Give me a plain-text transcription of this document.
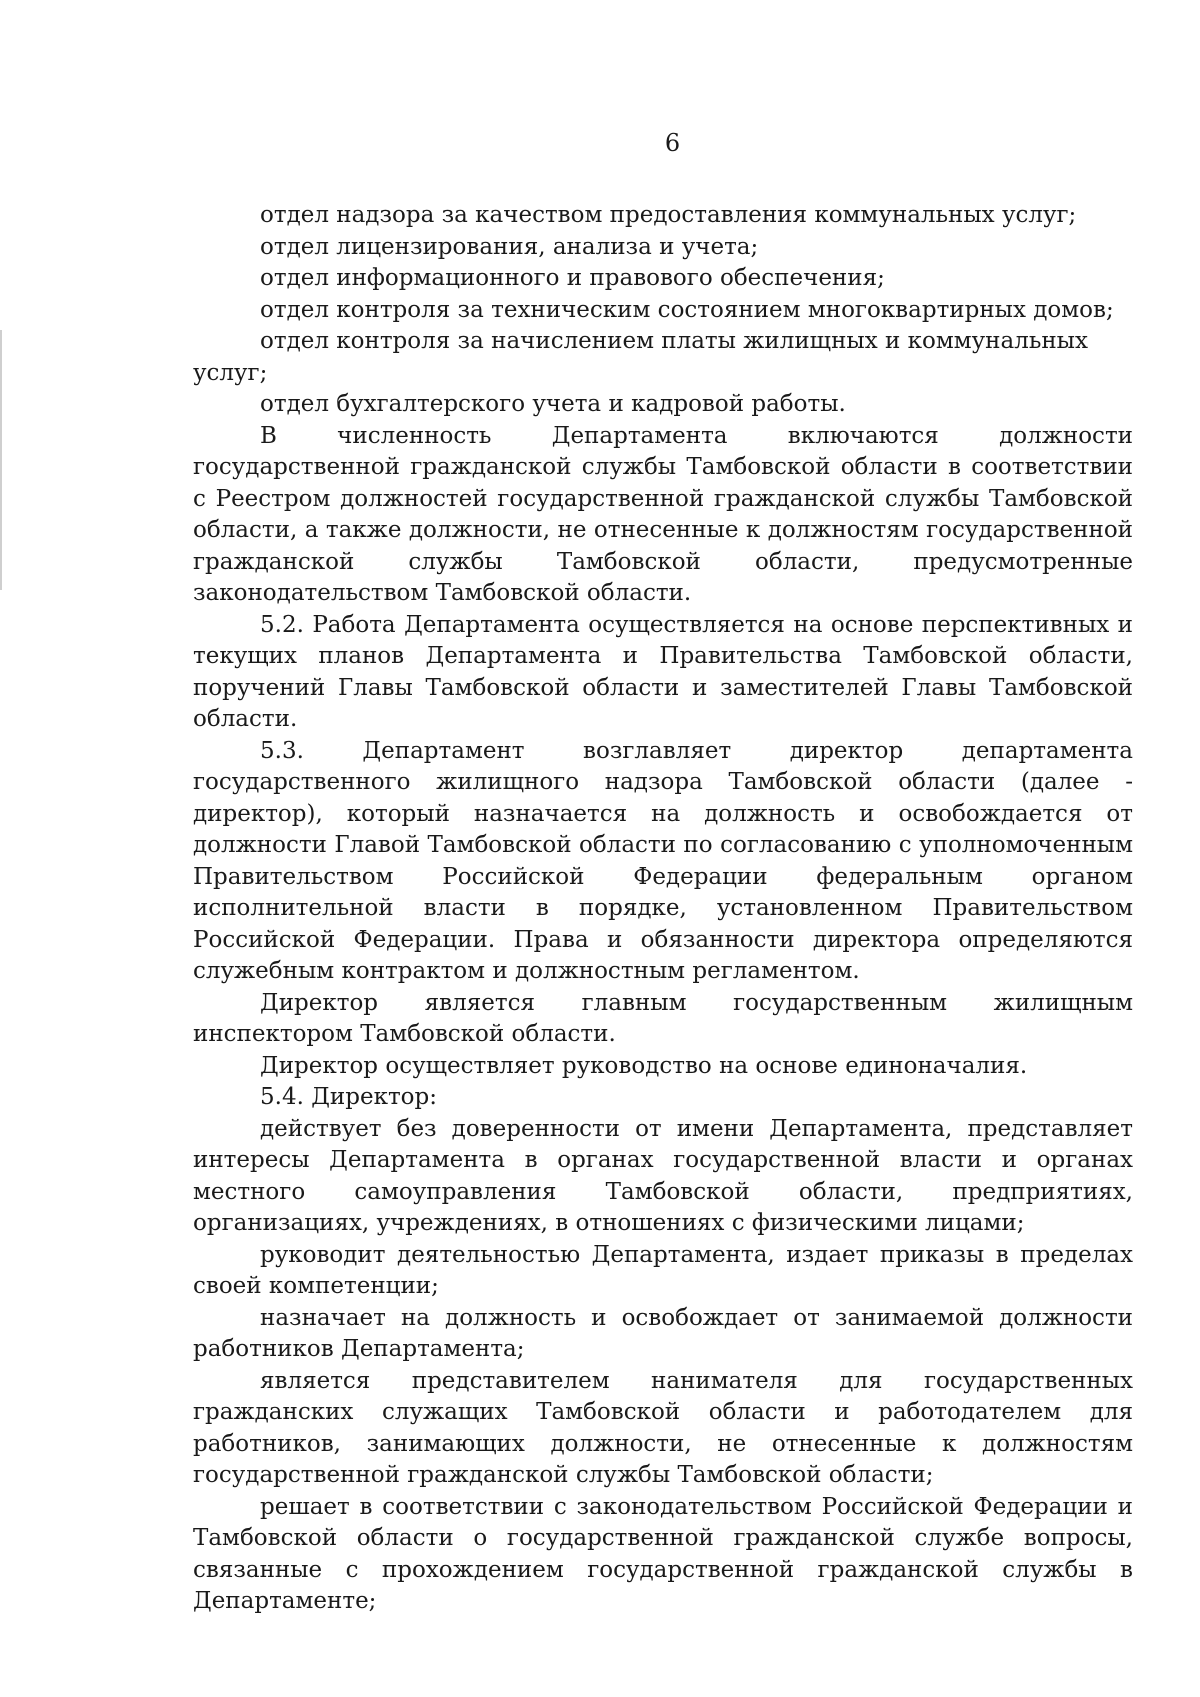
6

отдел надзора за качеством предоставления коммунальных услуг;

отдел лицензирования, анализа и учета;

отдел информационного и правового обеспечения;

отдел контроля за техническим состоянием многоквартирных домов;

отдел контроля за начислением платы жилищных и коммунальных услуг;

отдел бухгалтерского учета и кадровой работы.

В численность Департамента включаются должности государственной гражданской службы Тамбовской области в соответствии с Реестром должностей государственной гражданской службы Тамбовской области, а также должности, не отнесенные к должностям государственной гражданской службы Тамбовской области, предусмотренные законодательством Тамбовской области.

5.2. Работа Департамента осуществляется на основе перспективных и текущих планов Департамента и Правительства Тамбовской области, поручений Главы Тамбовской области и заместителей Главы Тамбовской области.

5.3. Департамент возглавляет директор департамента государственного жилищного надзора Тамбовской области (далее - директор), который назначается на должность и освобождается от должности Главой Тамбовской области по согласованию с уполномоченным Правительством Российской Федерации федеральным органом исполнительной власти в порядке, установленном Правительством Российской Федерации. Права и обязанности директора определяются служебным контрактом и должностным регламентом.

Директор является главным государственным жилищным инспектором Тамбовской области.

Директор осуществляет руководство на основе единоначалия.

5.4. Директор:

действует без доверенности от имени Департамента, представляет интересы Департамента в органах государственной власти и органах местного самоуправления Тамбовской области, предприятиях, организациях, учреждениях, в отношениях с физическими лицами;

руководит деятельностью Департамента, издает приказы в пределах своей компетенции;

назначает на должность и освобождает от занимаемой должности работников Департамента;

является представителем нанимателя для государственных гражданских служащих Тамбовской области и работодателем для работников, занимающих должности, не отнесенные к должностям государственной гражданской службы Тамбовской области;

решает в соответствии с законодательством Российской Федерации и Тамбовской области о государственной гражданской службе вопросы, связанные с прохождением государственной гражданской службы в Департаменте;
